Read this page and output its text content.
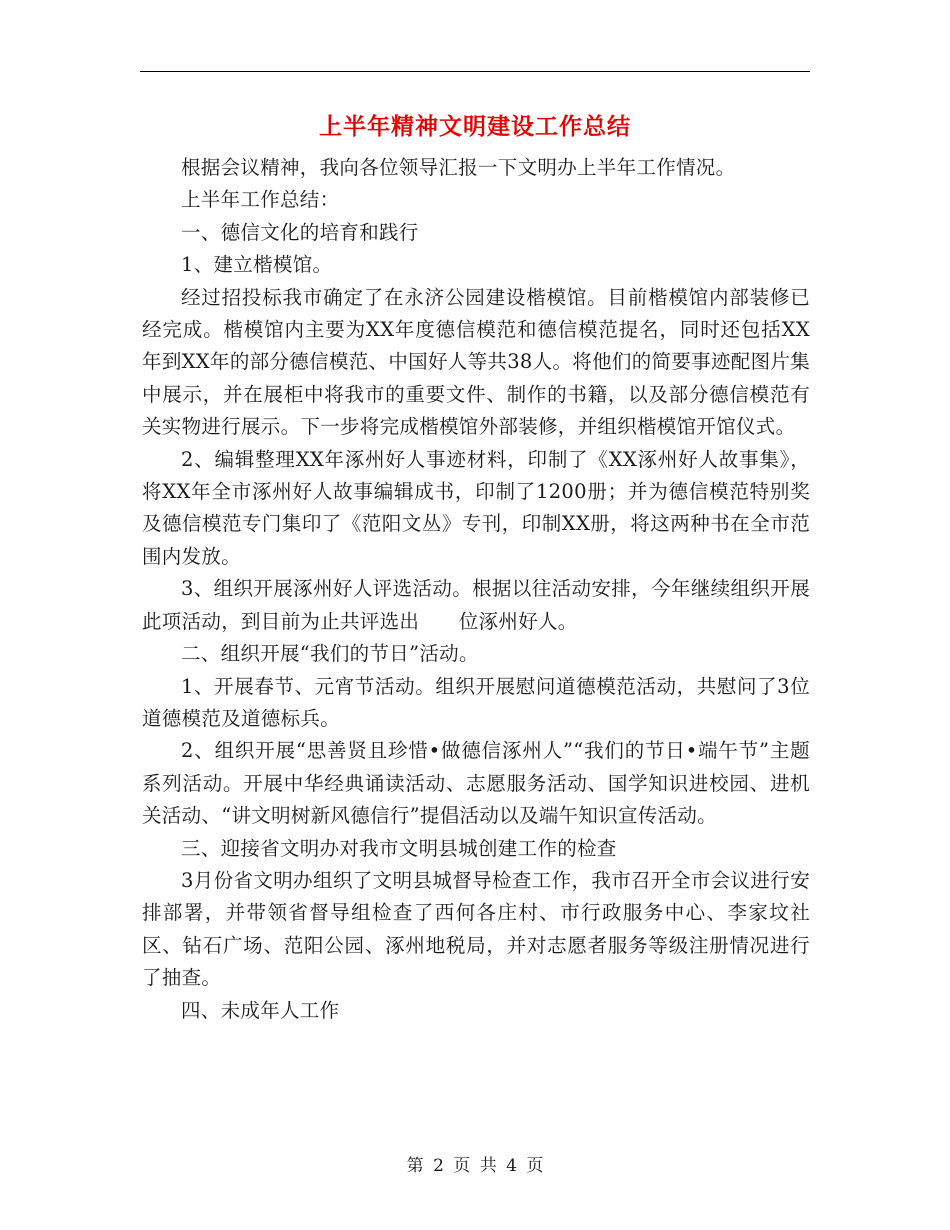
上半年精神文明建设工作总结

根据会议精神，我向各位领导汇报一下文明办上半年工作情况。

上半年工作总结：

一、德信文化的培育和践行

1、建立楷模馆。

经过招投标我市确定了在永济公园建设楷模馆。目前楷模馆内部装修已经完成。楷模馆内主要为XX年度德信模范和德信模范提名，同时还包括XX年到XX年的部分德信模范、中国好人等共38人。将他们的简要事迹配图片集中展示，并在展柜中将我市的重要文件、制作的书籍，以及部分德信模范有关实物进行展示。下一步将完成楷模馆外部装修，并组织楷模馆开馆仪式。

2、编辑整理XX年涿州好人事迹材料，印制了《XX涿州好人故事集》，将XX年全市涿州好人故事编辑成书，印制了1200册；并为德信模范特别奖及德信模范专门集印了《范阳文丛》专刊，印制XX册，将这两种书在全市范围内发放。

3、组织开展涿州好人评选活动。根据以往活动安排，今年继续组织开展此项活动，到目前为止共评选出　　位涿州好人。

二、组织开展“我们的节日”活动。

1、开展春节、元宵节活动。组织开展慰问道德模范活动，共慰问了3位道德模范及道德标兵。

2、组织开展“思善贤且珍惜•做德信涿州人”“我们的节日•端午节”主题系列活动。开展中华经典诵读活动、志愿服务活动、国学知识进校园、进机关活动、“讲文明树新风德信行”提倡活动以及端午知识宣传活动。

三、迎接省文明办对我市文明县城创建工作的检查

3月份省文明办组织了文明县城督导检查工作，我市召开全市会议进行安排部署，并带领省督导组检查了西何各庄村、市行政服务中心、李家坟社区、钻石广场、范阳公园、涿州地税局，并对志愿者服务等级注册情况进行了抽查。

四、未成年人工作

第 2 页 共 4 页
